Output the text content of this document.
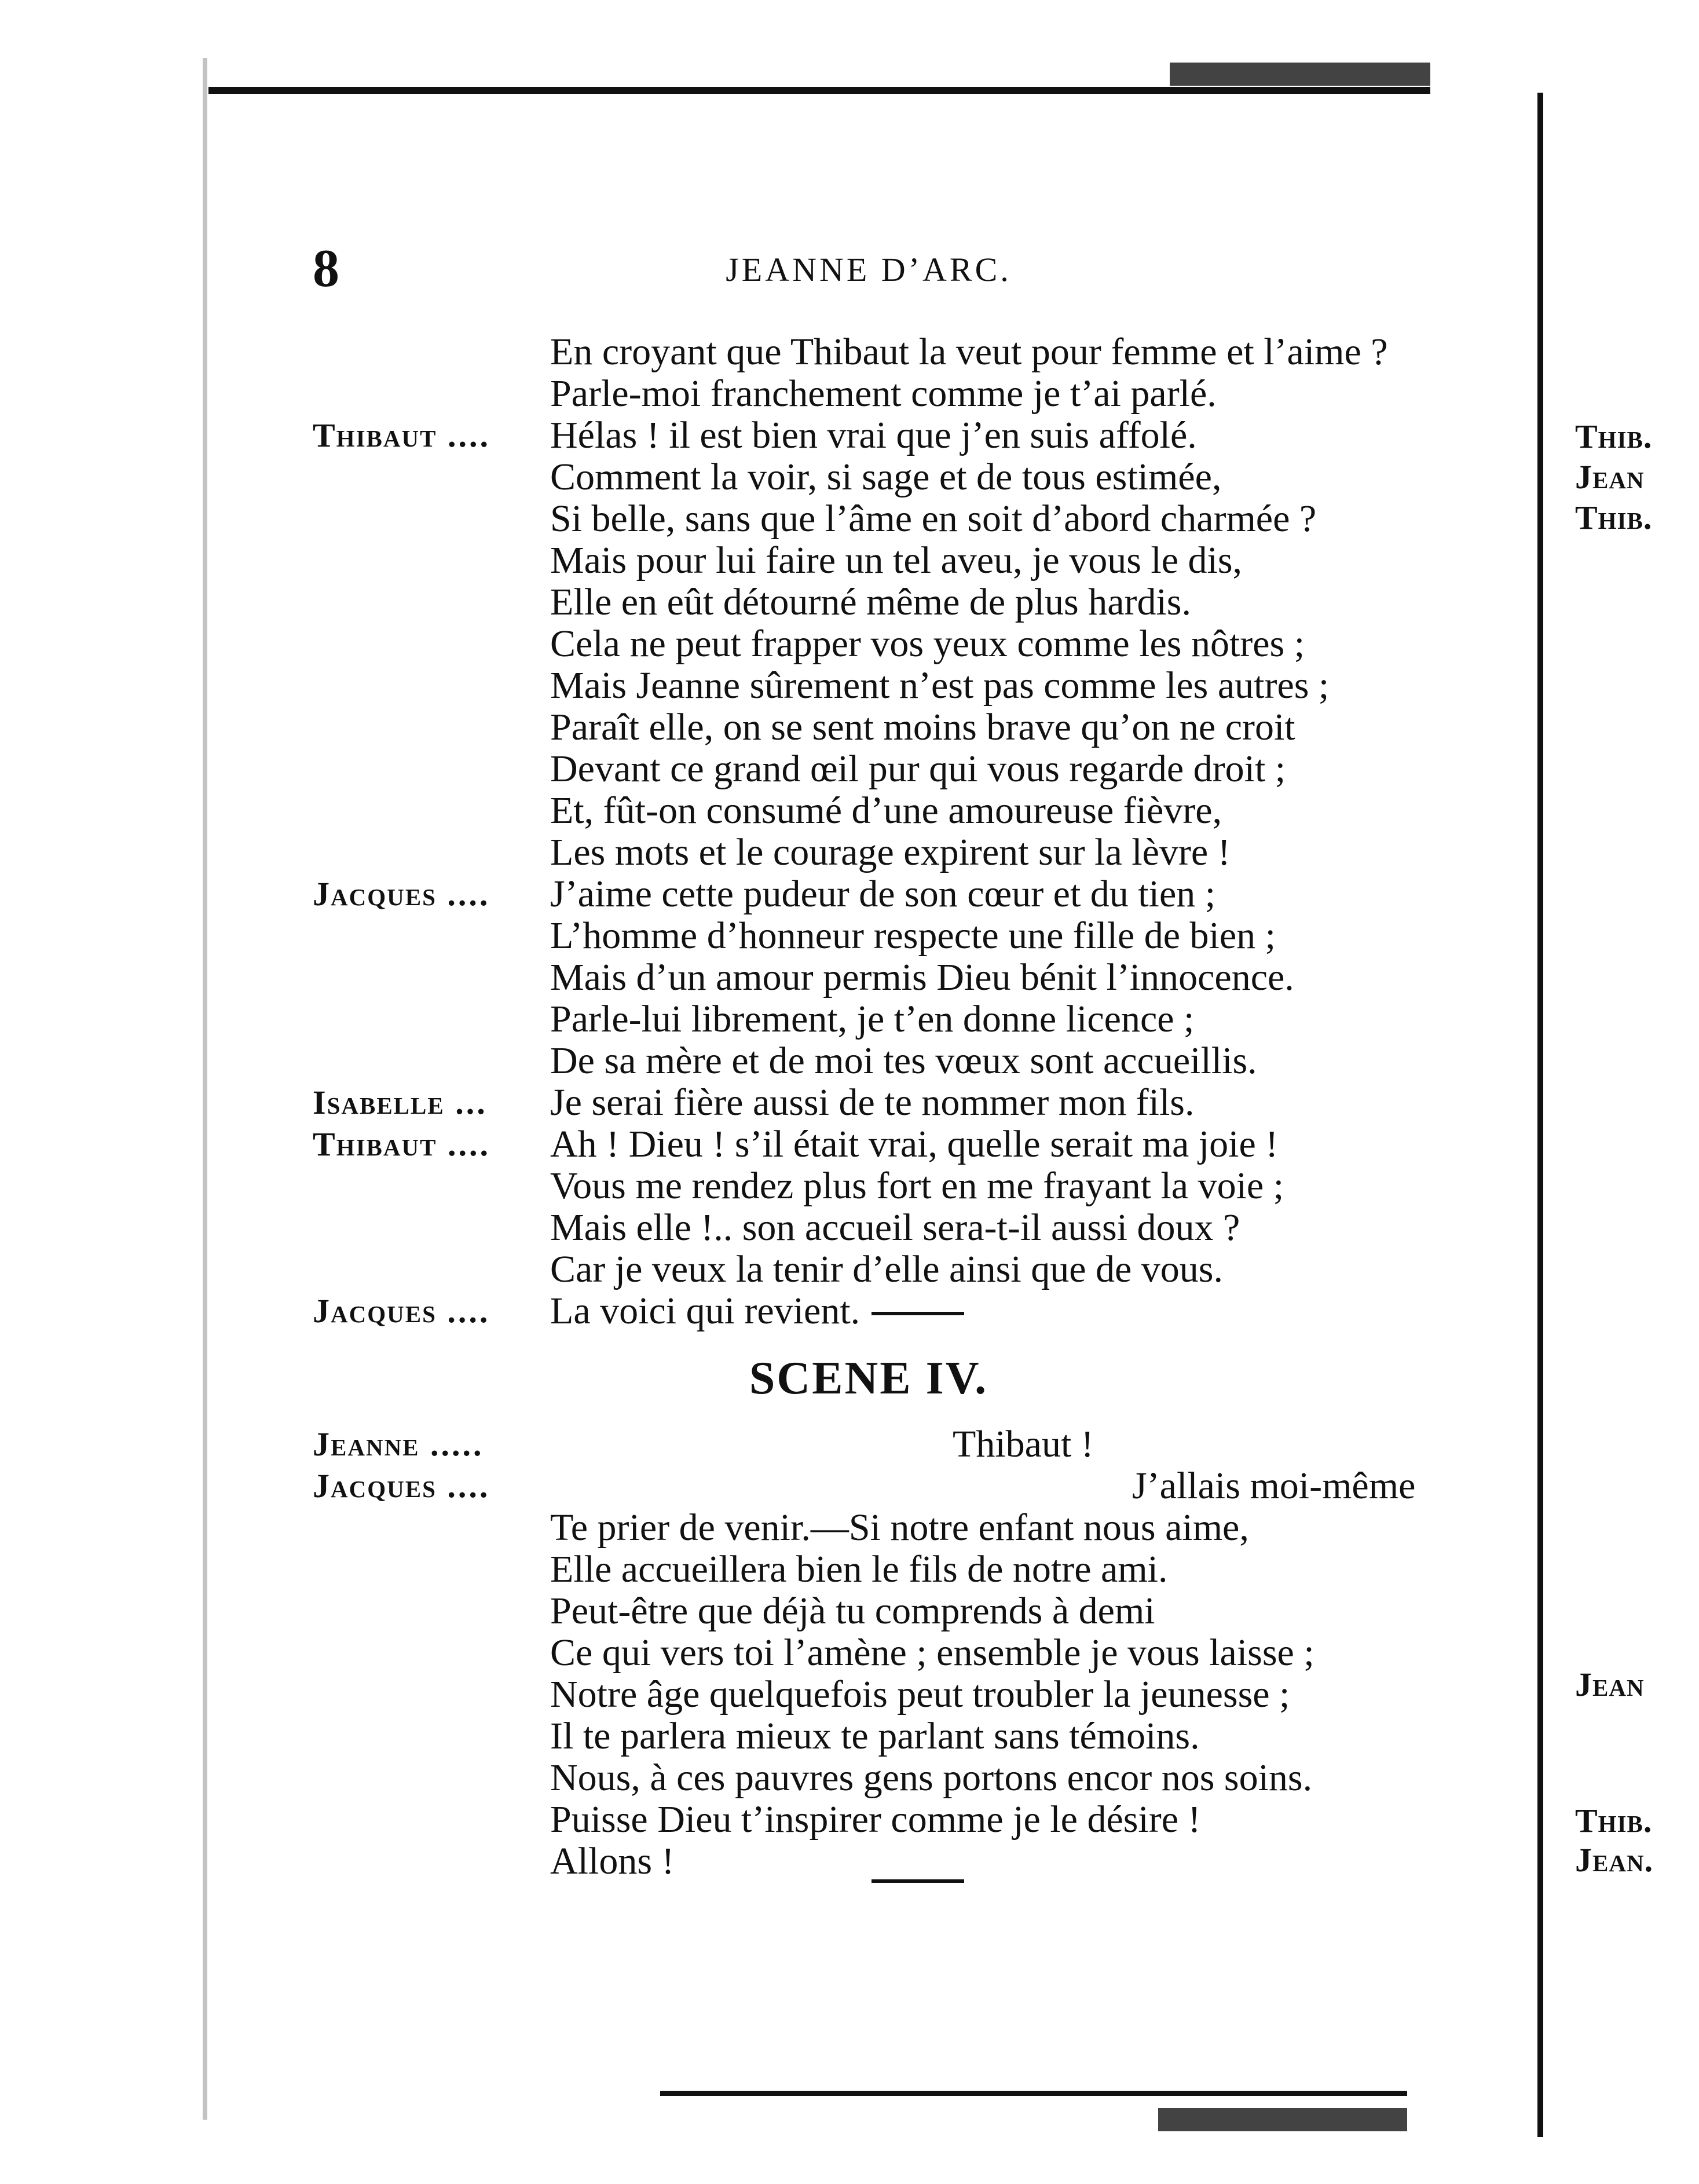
8	JEANNE D’ARC.
En croyant que Thibaut la veut pour femme et l’aime ?
Parle-moi franchement comme je t’ai parlé.
Thibaut .... Hélas ! il est bien vrai que j’en suis affolé.
Comment la voir, si sage et de tous estimée,
Si belle, sans que l’âme en soit d’abord charmée ?
Mais pour lui faire un tel aveu, je vous le dis,
Elle en eût détourné même de plus hardis.
Cela ne peut frapper vos yeux comme les nôtres ;
Mais Jeanne sûrement n’est pas comme les autres ;
Paraît elle, on se sent moins brave qu’on ne croit
Devant ce grand œil pur qui vous regarde droit ;
Et, fût-on consumé d’une amoureuse fièvre,
Les mots et le courage expirent sur la lèvre !
Jacques .... J’aime cette pudeur de son cœur et du tien ;
L’homme d’honneur respecte une fille de bien ;
Mais d’un amour permis Dieu bénit l’innocence.
Parle-lui librement, je t’en donne licence ;
De sa mère et de moi tes vœux sont accueillis.
Isabelle ... Je serai fière aussi de te nommer mon fils.
Thibaut .... Ah ! Dieu ! s’il était vrai, quelle serait ma joie !
Vous me rendez plus fort en me frayant la voie ;
Mais elle !.. son accueil sera-t-il aussi doux ?
Car je veux la tenir d’elle ainsi que de vous.
Jacques .... La voici qui revient.
SCENE IV.
Jeanne .....	Thibaut !
Jacques ....	J’allais moi-même
Te prier de venir.—Si notre enfant nous aime,
Elle accueillera bien le fils de notre ami.
Peut-être que déjà tu comprends à demi
Ce qui vers toi l’amène ; ensemble je vous laisse ;
Notre âge quelquefois peut troubler la jeunesse ;
Il te parlera mieux te parlant sans témoins.
Nous, à ces pauvres gens portons encor nos soins.
Puisse Dieu t’inspirer comme je le désire !
Allons !
Thib.
Jean
Thib.
Jean
Thib.
Jean.
